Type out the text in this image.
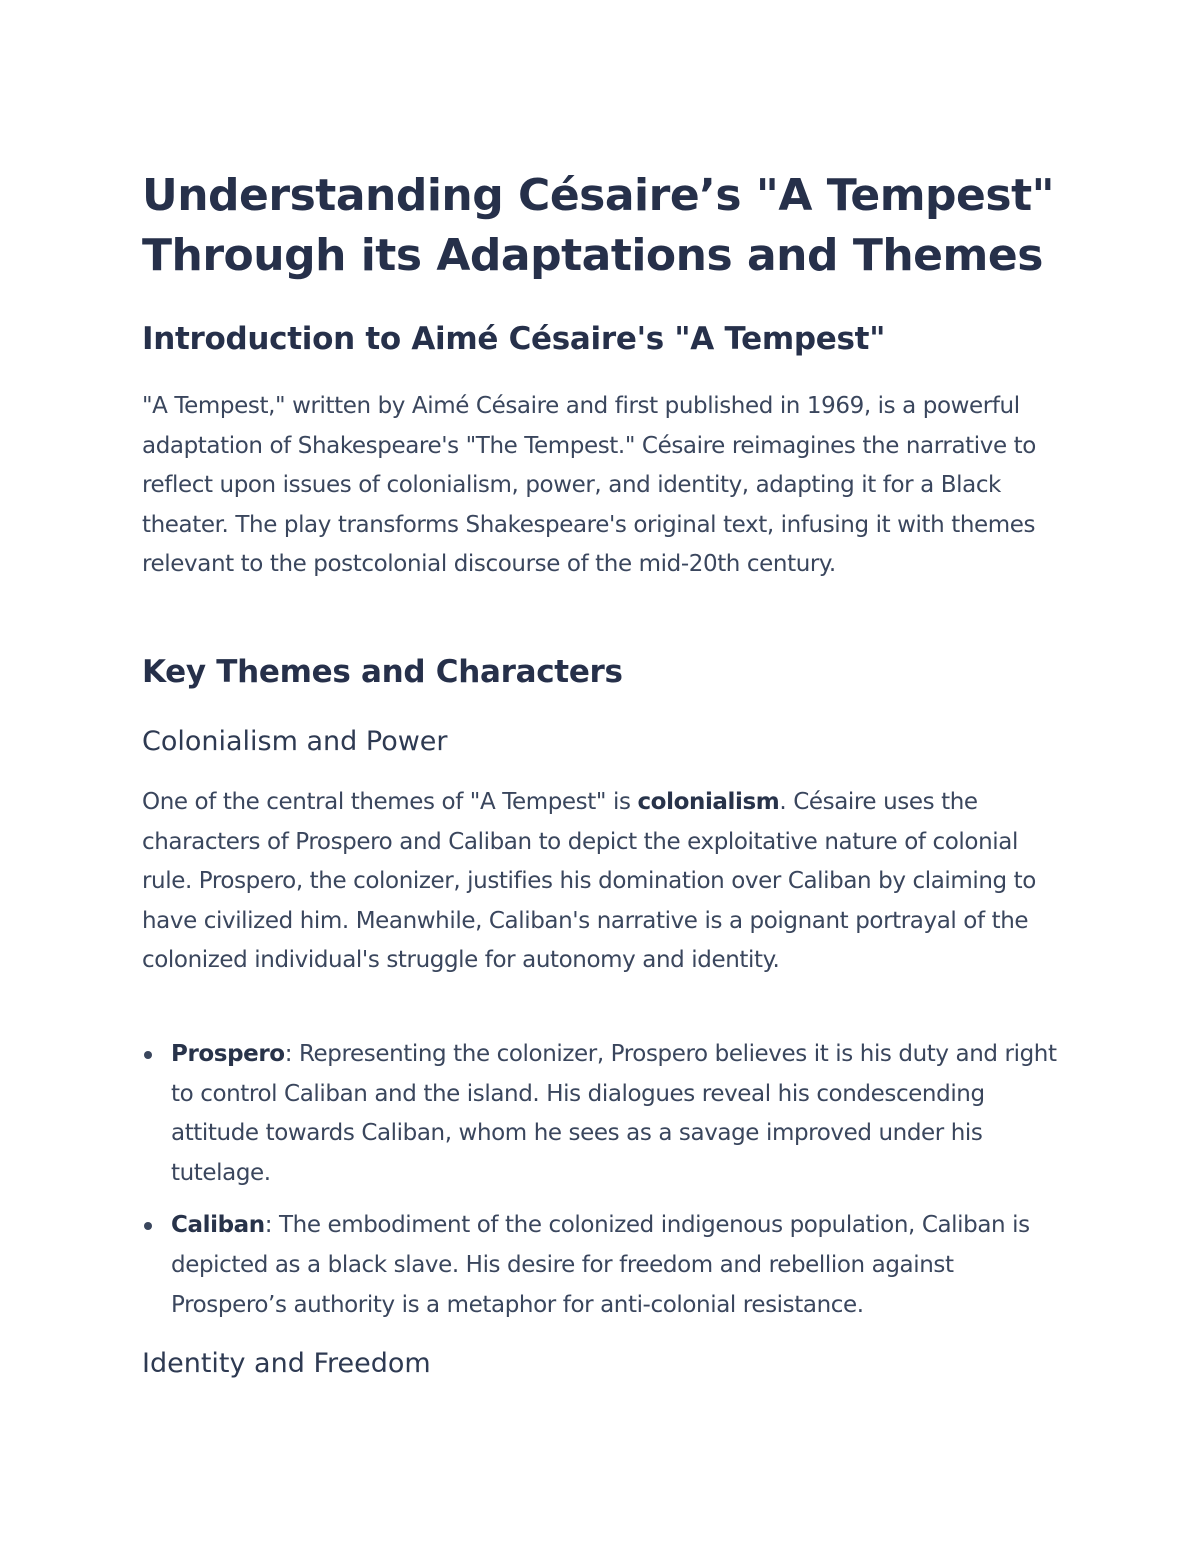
Understanding Césaire’s "A Tempest" Through its Adaptations and Themes
Introduction to Aimé Césaire's "A Tempest"

"A Tempest," written by Aimé Césaire and first published in 1969, is a powerful adaptation of Shakespeare's "The Tempest." Césaire reimagines the narrative to reflect upon issues of colonialism, power, and identity, adapting it for a Black theater. The play transforms Shakespeare's original text, infusing it with themes relevant to the postcolonial discourse of the mid-20th century.

Key Themes and Characters
Colonialism and Power

One of the central themes of "A Tempest" is colonialism. Césaire uses the characters of Prospero and Caliban to depict the exploitative nature of colonial rule. Prospero, the colonizer, justifies his domination over Caliban by claiming to have civilized him. Meanwhile, Caliban's narrative is a poignant portrayal of the colonized individual's struggle for autonomy and identity.

Prospero: Representing the colonizer, Prospero believes it is his duty and right to control Caliban and the island. His dialogues reveal his condescending attitude towards Caliban, whom he sees as a savage improved under his tutelage.
Caliban: The embodiment of the colonized indigenous population, Caliban is depicted as a black slave. His desire for freedom and rebellion against Prospero’s authority is a metaphor for anti-colonial resistance.
Identity and Freedom
